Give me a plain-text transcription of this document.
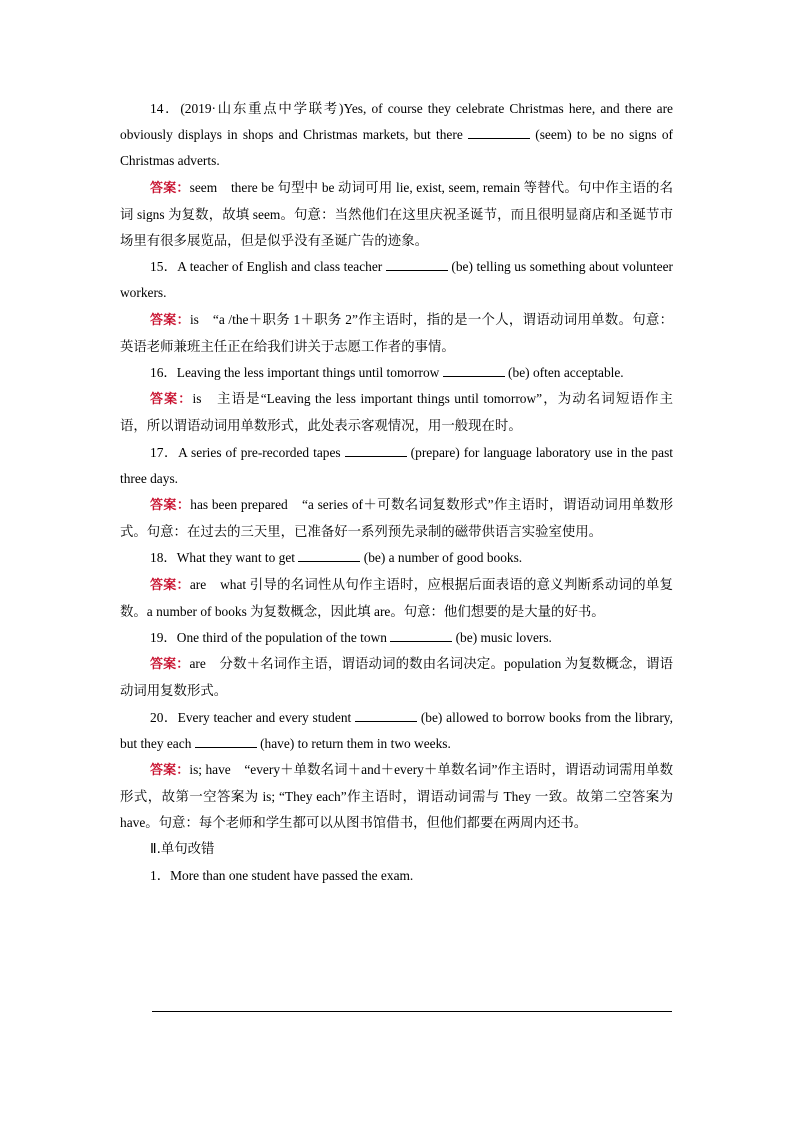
14．(2019·山东重点中学联考)Yes, of course they celebrate Christmas here, and there are obviously displays in shops and Christmas markets, but there	(seem) to be no signs of Christmas adverts.

答案：seem　there be 句型中 be 动词可用 lie, exist, seem, remain 等替代。句中作主语的名词 signs 为复数，故填 seem。句意：当然他们在这里庆祝圣诞节，而且很明显商店和圣诞节市场里有很多展览品，但是似乎没有圣诞广告的迹象。

15．A teacher of English and class teacher	(be) telling us something about volunteer workers.

答案：is　“a /the＋职务 1＋职务 2”作主语时，指的是一个人，谓语动词用单数。句意：英语老师兼班主任正在给我们讲关于志愿工作者的事情。

16．Leaving the less important things until tomorrow	(be) often acceptable.

答案：is　主语是“Leaving the less important things until tomorrow”，为动名词短语作主语，所以谓语动词用单数形式，此处表示客观情况，用一般现在时。

17．A series of pre-recorded tapes	(prepare) for language laboratory use in the past three days.

答案：has been prepared　“a series of＋可数名词复数形式”作主语时，谓语动词用单数形式。句意：在过去的三天里，已准备好一系列预先录制的磁带供语言实验室使用。

18．What they want to get	(be) a number of good books.

答案：are　what 引导的名词性从句作主语时，应根据后面表语的意义判断系动词的单复数。a number of books 为复数概念，因此填 are。句意：他们想要的是大量的好书。

19．One third of the population of the town	(be) music lovers.

答案：are　分数＋名词作主语，谓语动词的数由名词决定。population 为复数概念，谓语动词用复数形式。

20．Every teacher and every student	(be) allowed to borrow books from the library, but they each	(have) to return them in two weeks.

答案：is; have　“every＋单数名词＋and＋every＋单数名词”作主语时，谓语动词需用单数形式，故第一空答案为 is; “They each”作主语时，谓语动词需与 They 一致。故第二空答案为 have。句意：每个老师和学生都可以从图书馆借书，但他们都要在两周内还书。

Ⅱ.单句改错

1．More than one student have passed the exam.
